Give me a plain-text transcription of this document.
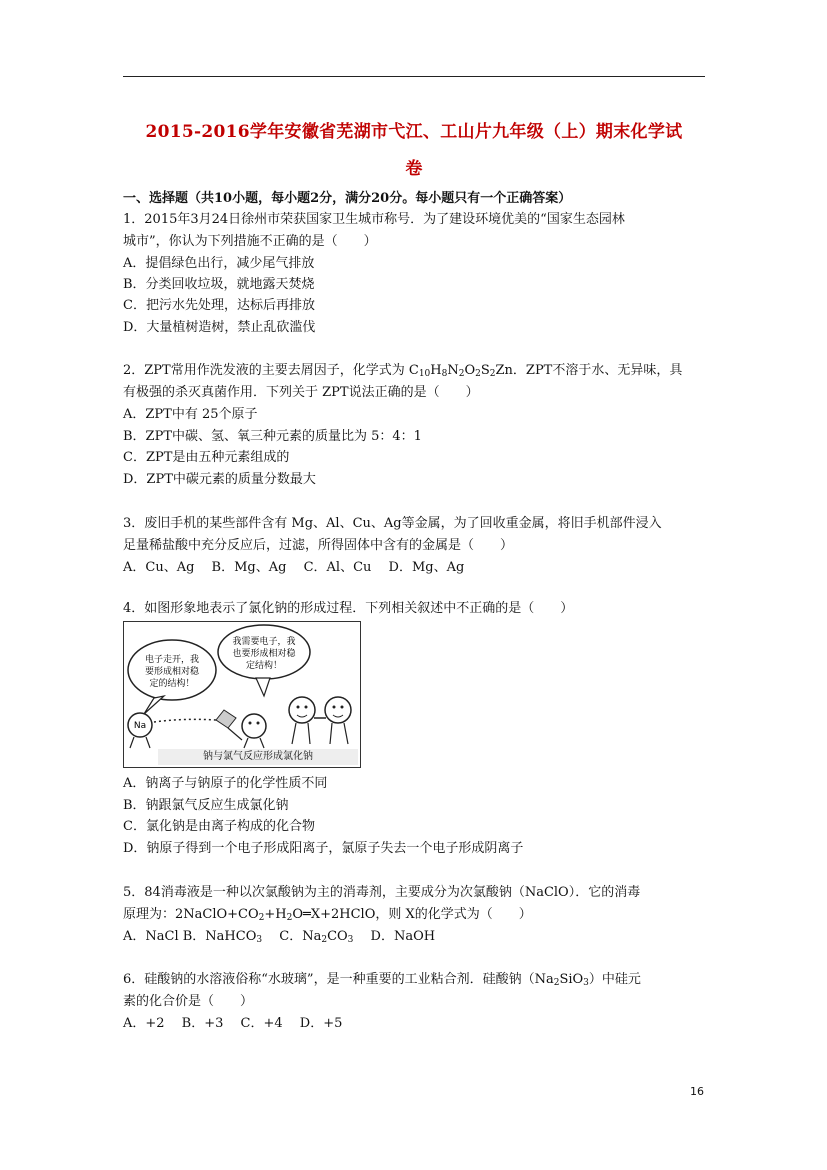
2015-2016学年安徽省芜湖市弋江、工山片九年级（上）期末化学试
卷
一、选择题（共10小题，每小题2分，满分20分。每小题只有一个正确答案）
1．2015年3月24日徐州市荣获国家卫生城市称号．为了建设环境优美的“国家生态园林
城市”，你认为下列措施不正确的是（　　）
A．提倡绿色出行，减少尾气排放
B．分类回收垃圾，就地露天焚烧
C．把污水先处理，达标后再排放
D．大量植树造树，禁止乱砍滥伐
2．ZPT常用作洗发液的主要去屑因子，化学式为 $C_{10}H_8N_2O_2S_2Zn$．ZPT不溶于水、无异味，具
有极强的杀灭真菌作用．下列关于 ZPT说法正确的是（　　）
A．ZPT中有 25个原子
B．ZPT中碳、氢、氧三种元素的质量比为 5：4：1
C．ZPT是由五种元素组成的
D．ZPT中碳元素的质量分数最大
3．废旧手机的某些部件含有 Mg、Al、Cu、Ag等金属，为了回收重金属，将旧手机部件浸入
足量稀盐酸中充分反应后，过滤，所得固体中含有的金属是（　　）
A．Cu、Ag　 B．Mg、Ag　 C．Al、Cu　 D．Mg、Ag
4．如图形象地表示了氯化钠的形成过程．下列相关叙述中不正确的是（　　）
电子走开，我
要形成相对稳
定的结构！
我需要电子，我
也要形成相对稳
定结构！
Na
钠与氯气反应形成氯化钠
A．钠离子与钠原子的化学性质不同
B．钠跟氯气反应生成氯化钠
C．氯化钠是由离子构成的化合物
D．钠原子得到一个电子形成阳离子，氯原子失去一个电子形成阴离子
5．84消毒液是一种以次氯酸钠为主的消毒剂，主要成分为次氯酸钠（NaClO）．它的消毒
原理为：$2NaClO+CO_2+H_2O═X+2HClO$，则 X的化学式为（　　）
A．NaCl B．NaHCO$_3$　 C．$Na_2CO_3$　 D．NaOH
6．硅酸钠的水溶液俗称“水玻璃”，是一种重要的工业粘合剂．硅酸钠$(Na_2SiO_3)$中硅元
素的化合价是（　　）
A．+2　 B．+3　 C．+4　 D．+5
16
